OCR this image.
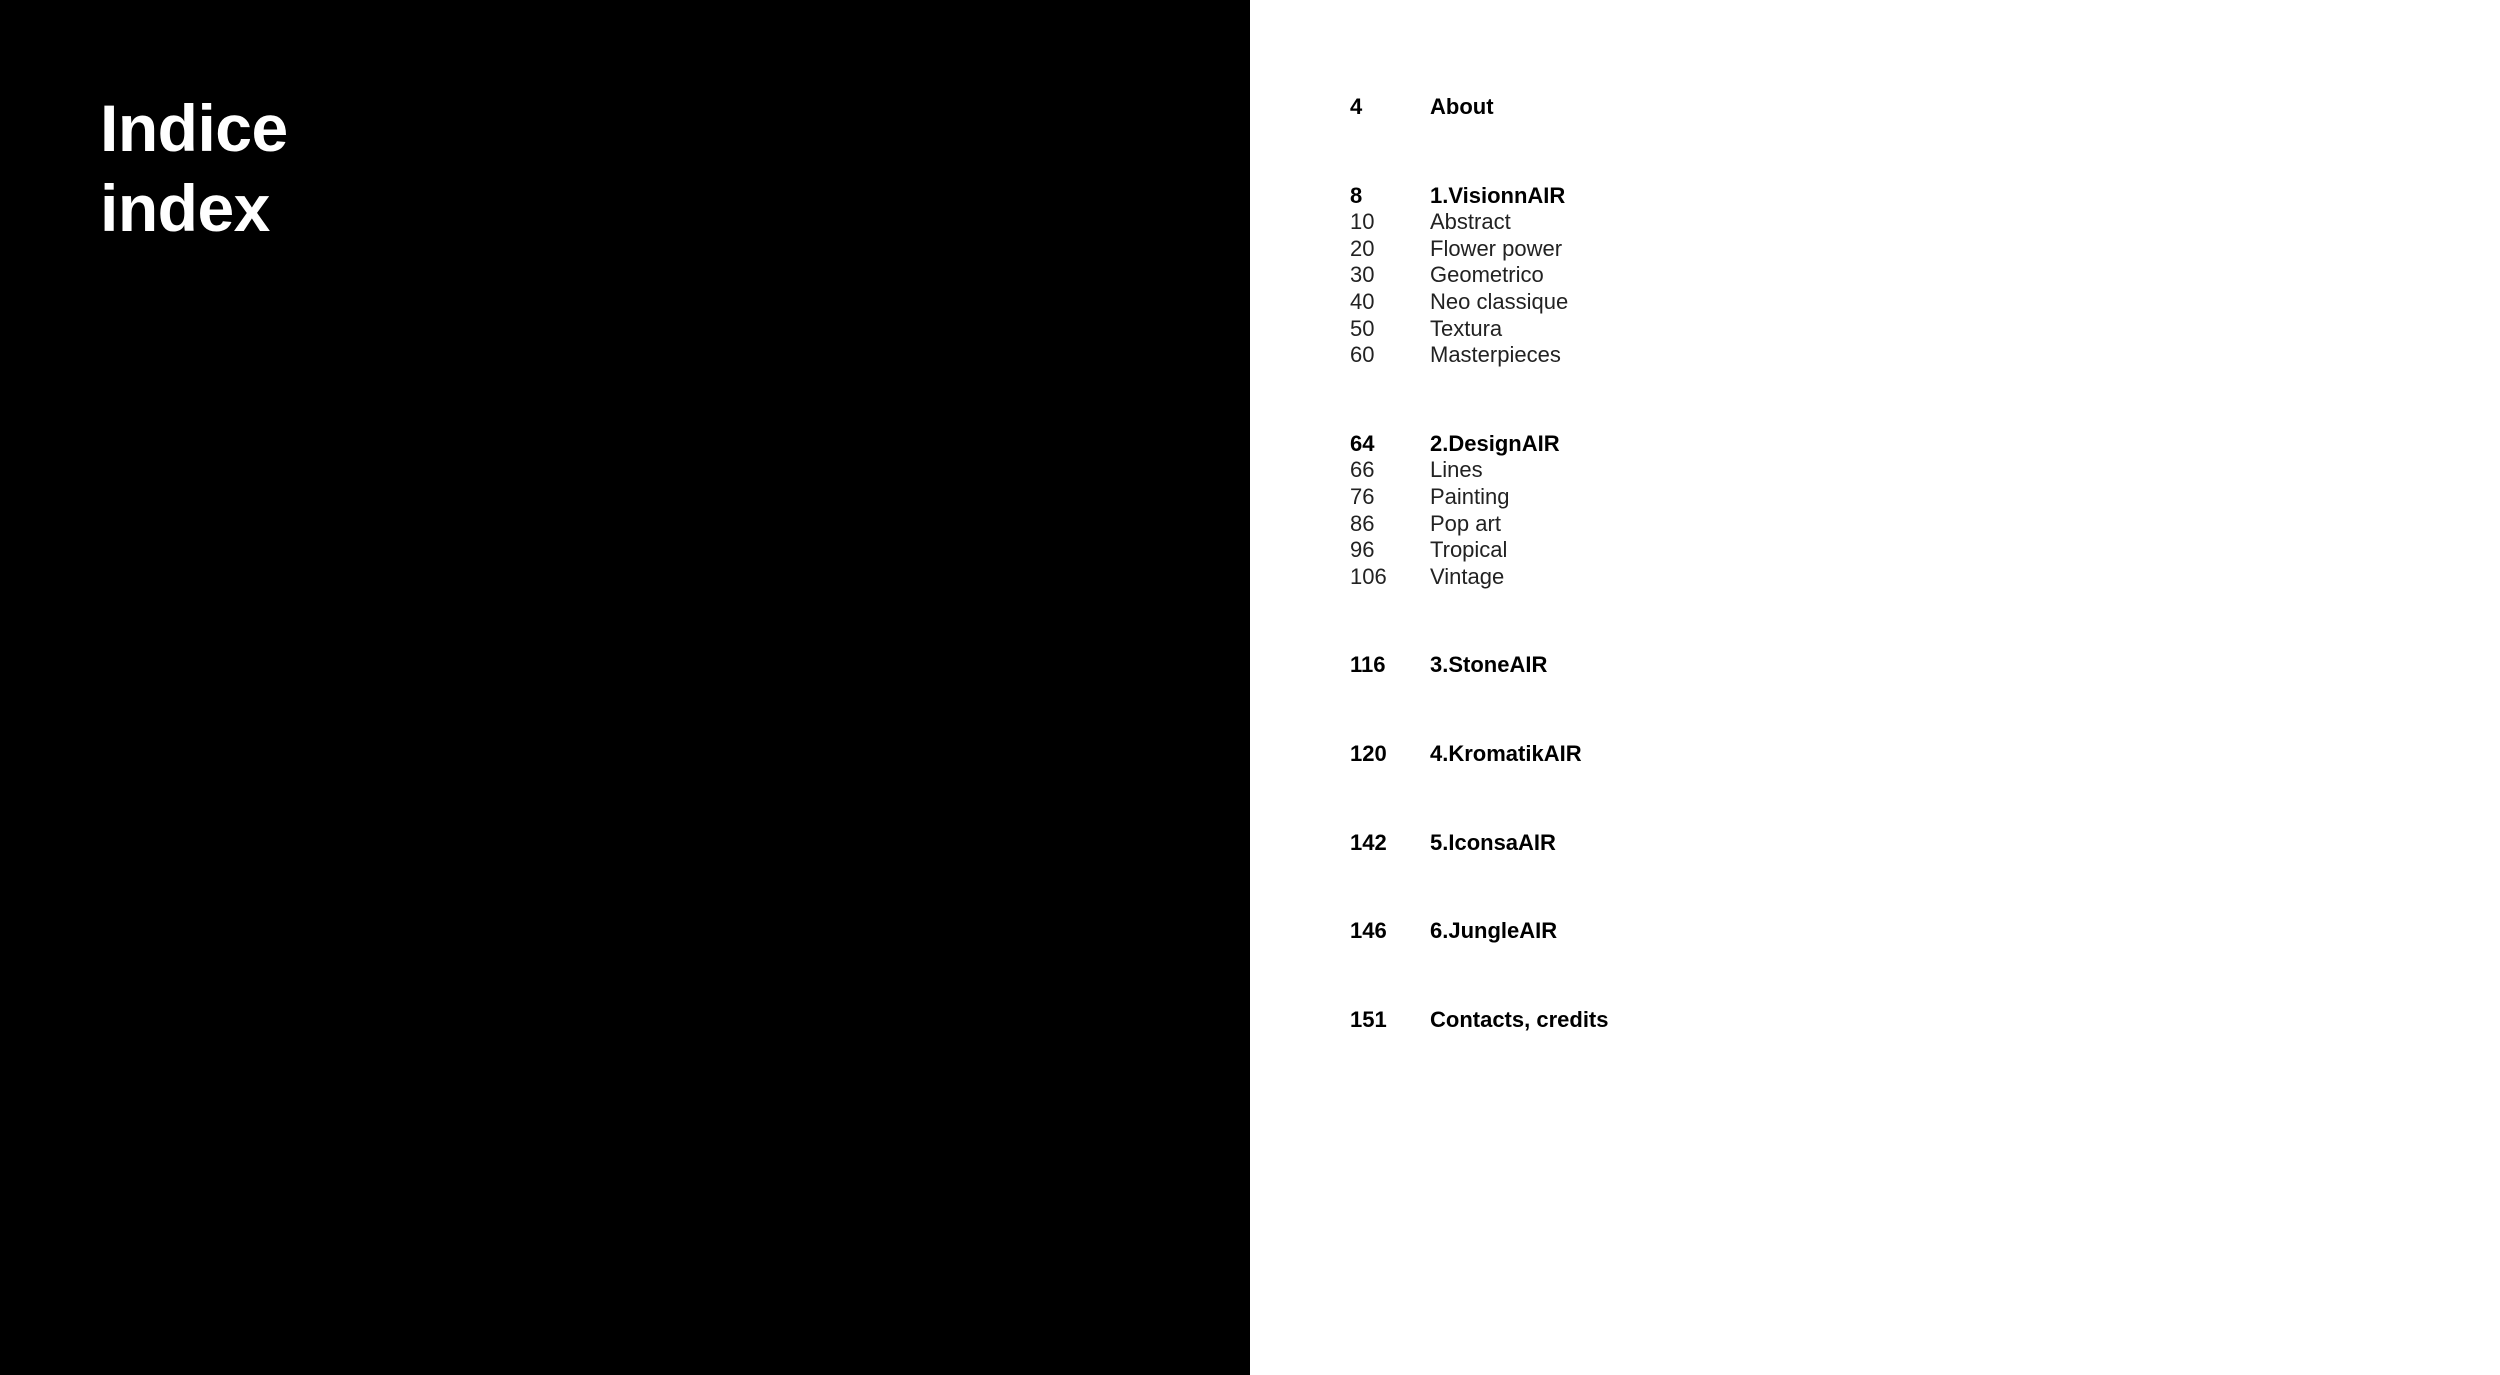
Indice
index
4	About
8	1.VisionnAIR
10	Abstract
20	Flower power
30	Geometrico
40	Neo classique
50	Textura
60	Masterpieces
64	2.DesignAIR
66	Lines
76	Painting
86	Pop art
96	Tropical
106	Vintage
116	3.StoneAIR
120	4.KromatikAIR
142	5.IconsaAIR
146	6.JungleAIR
151	Contacts, credits
